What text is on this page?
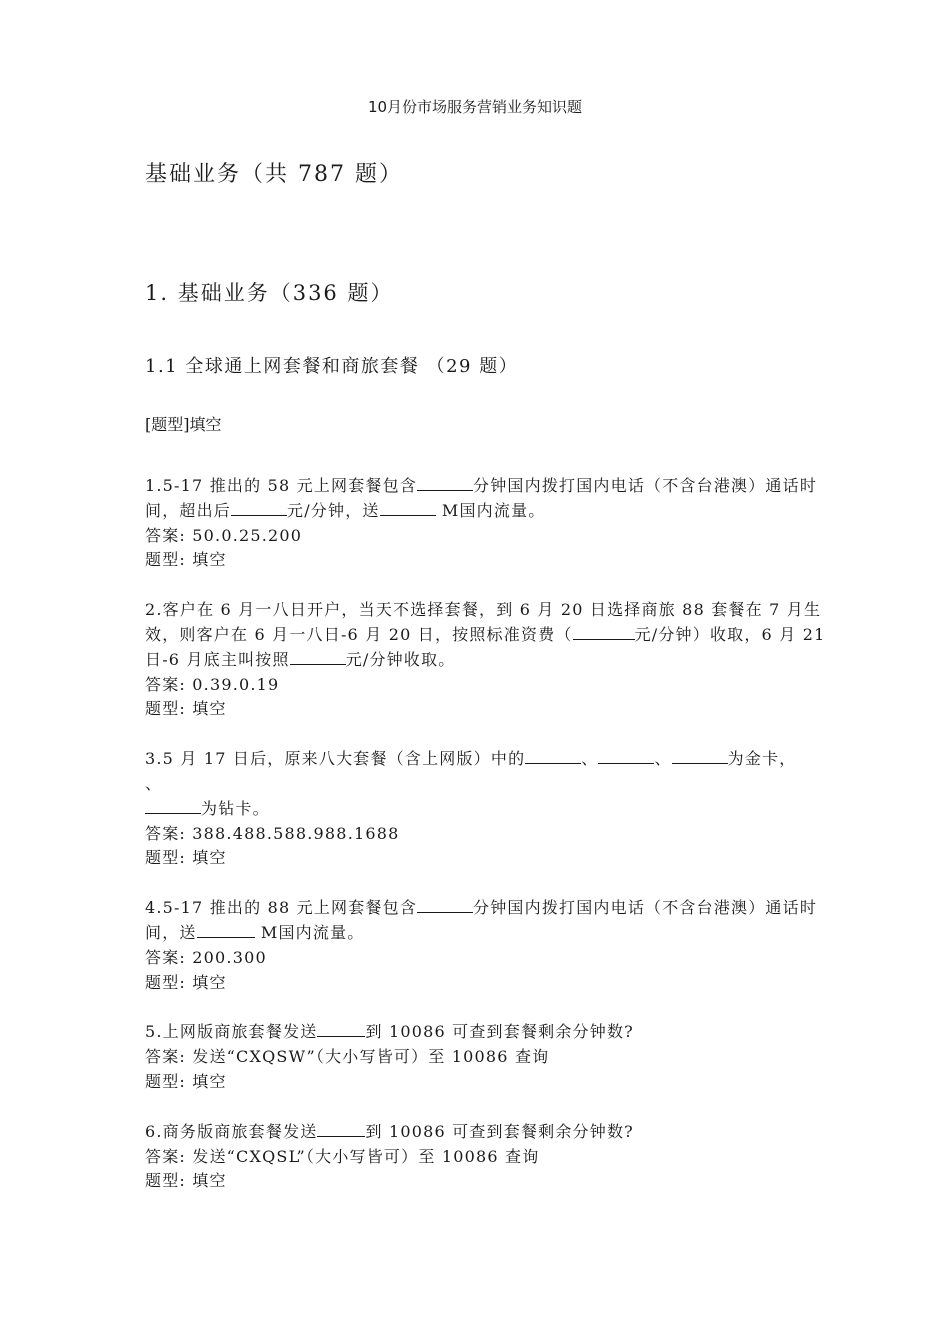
10月份市场服务营销业务知识题
基础业务（共 787 题）
1. 基础业务（336 题）
1.1 全球通上网套餐和商旅套餐 （29 题）
[题型]填空
1.5-17 推出的 58 元上网套餐包含	分钟国内拨打国内电话（不含台港澳）通话时间，超出后	元/分钟，送	M国内流量。
答案: 50.0.25.200
题型: 填空
2.客户在 6 月一八日开户，当天不选择套餐，到 6 月 20 日选择商旅 88 套餐在 7 月生效，则客户在 6 月一八日-6 月 20 日，按照标准资费（	元/分钟）收取，6 月 21 日-6 月底主叫按照	元/分钟收取。
答案: 0.39.0.19
题型: 填空
3.5 月 17 日后，原来八大套餐（含上网版）中的	、	、	为金卡，
、
为钻卡。
答案: 388.488.588.988.1688
题型: 填空
4.5-17 推出的 88 元上网套餐包含	分钟国内拨打国内电话（不含台港澳）通话时间，送	M国内流量。
答案: 200.300
题型: 填空
5.上网版商旅套餐发送	到 10086 可查到套餐剩余分钟数?
答案: 发送“CXQSW”（大小写皆可）至 10086 查询
题型: 填空
6.商务版商旅套餐发送	到 10086 可查到套餐剩余分钟数?
答案: 发送“CXQSL”（大小写皆可）至 10086 查询
题型: 填空
